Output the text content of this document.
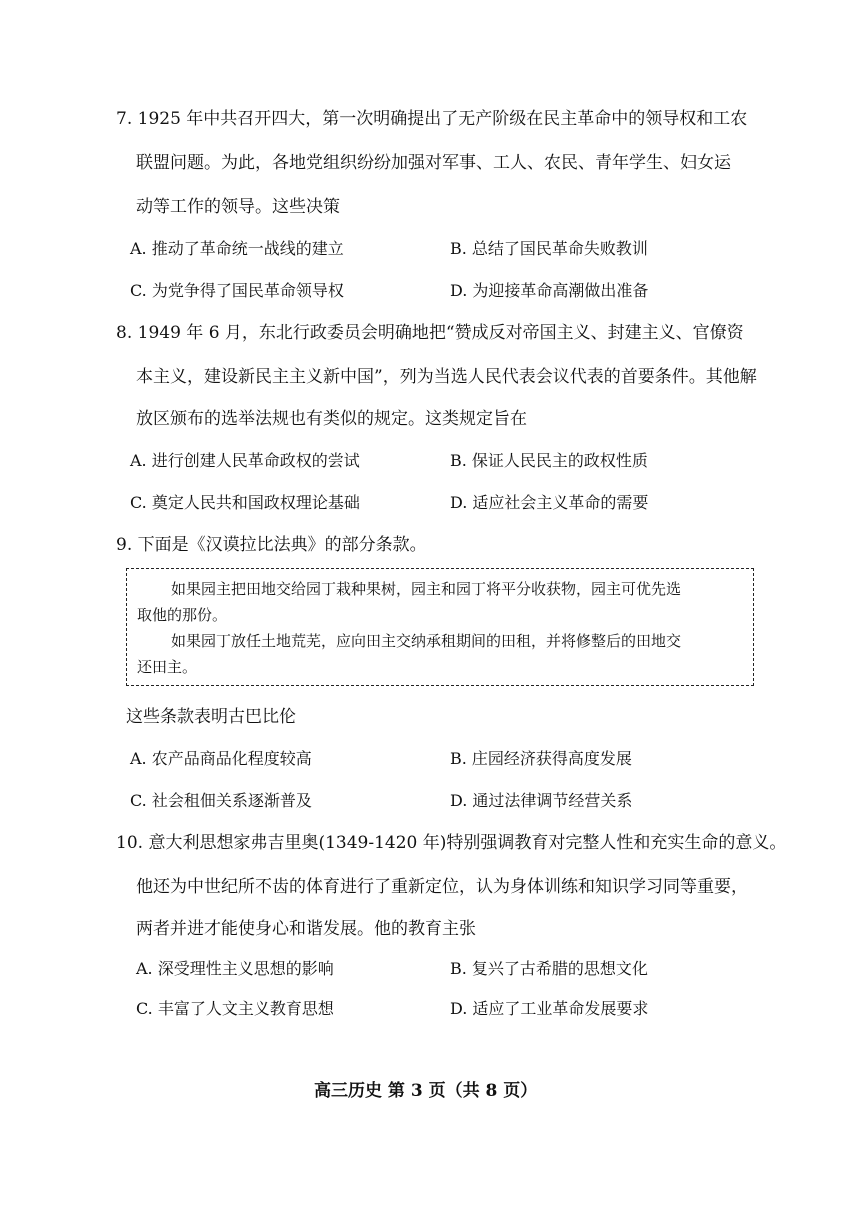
7. 1925 年中共召开四大，第一次明确提出了无产阶级在民主革命中的领导权和工农
联盟问题。为此，各地党组织纷纷加强对军事、工人、农民、青年学生、妇女运
动等工作的领导。这些决策
A. 推动了革命统一战线的建立	B. 总结了国民革命失败教训
C. 为党争得了国民革命领导权	D. 为迎接革命高潮做出准备
8. 1949 年 6 月，东北行政委员会明确地把“赞成反对帝国主义、封建主义、官僚资
本主义，建设新民主主义新中国”，列为当选人民代表会议代表的首要条件。其他解
放区颁布的选举法规也有类似的规定。这类规定旨在
A. 进行创建人民革命政权的尝试	B. 保证人民民主的政权性质
C. 奠定人民共和国政权理论基础	D. 适应社会主义革命的需要
9. 下面是《汉谟拉比法典》的部分条款。
如果园主把田地交给园丁栽种果树，园主和园丁将平分收获物，园主可优先选
取他的那份。
如果园丁放任土地荒芜，应向田主交纳承租期间的田租，并将修整后的田地交
还田主。
这些条款表明古巴比伦
A. 农产品商品化程度较高	B. 庄园经济获得高度发展
C. 社会租佃关系逐渐普及	D. 通过法律调节经营关系
10. 意大利思想家弗吉里奥(1349-1420 年)特别强调教育对完整人性和充实生命的意义。
他还为中世纪所不齿的体育进行了重新定位，认为身体训练和知识学习同等重要，
两者并进才能使身心和谐发展。他的教育主张
A. 深受理性主义思想的影响	B. 复兴了古希腊的思想文化
C. 丰富了人文主义教育思想	D. 适应了工业革命发展要求
高三历史 第 3 页（共 8 页）
